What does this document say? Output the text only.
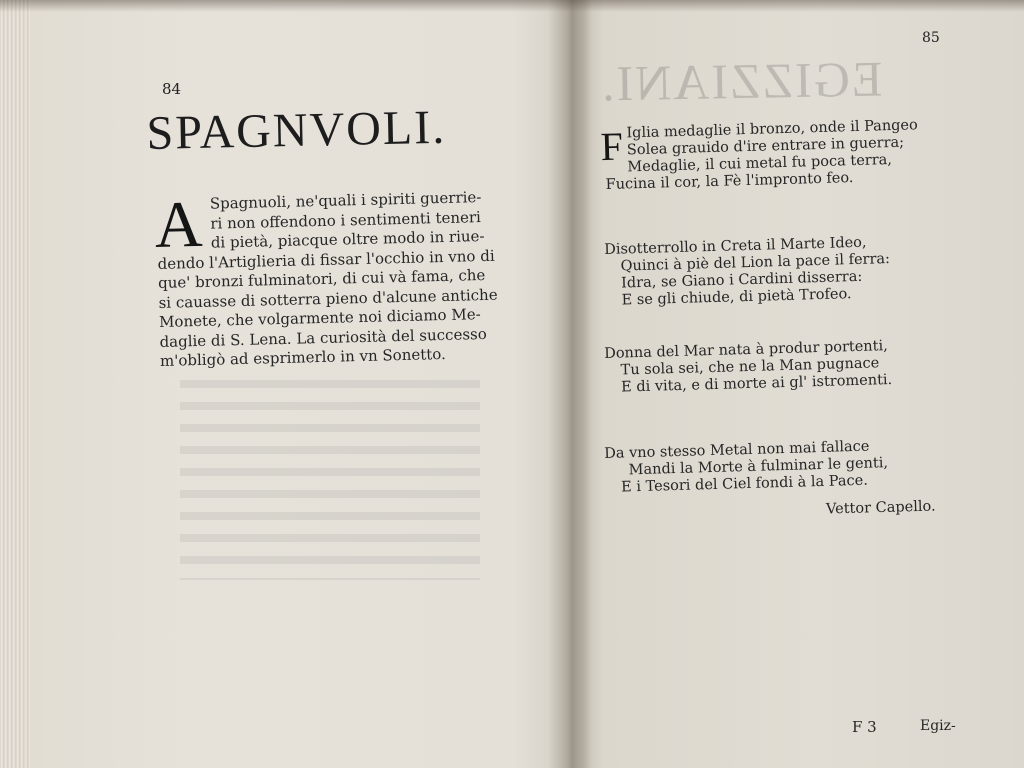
84
SPAGNVOLI.
A Spagnuoli, ne'quali i spiriti guerrie-
ri non offendono i sentimenti teneri
di pietà, piacque oltre modo in riue-
dendo l'Artiglieria di fissar l'occhio in vno di
que' bronzi fulminatori, di cui và fama, che
si cauasse di sotterra pieno d'alcune antiche
Monete, che volgarmente noi diciamo Me-
daglie di S. Lena. La curiosità del successo
m'obligò ad esprimerlo in vn Sonetto.

85
EGIZZIANI.
F Iglia medaglie il bronzo, onde il Pangeo
Solea grauido d'ire entrare in guerra;
Medaglie, il cui metal fu poca terra,
Fucina il cor, la Fè l'impronto feo.
Disotterrollo in Creta il Marte Ideo,
Quinci à piè del Lion la pace il ferra:
Idra, se Giano i Cardini disserra:
E se gli chiude, di pietà Trofeo.
Donna del Mar nata à produr portenti,
Tu sola sei, che ne la Man pugnace
E di vita, e di morte ai gl' istromenti.
Da vno stesso Metal non mai fallace
Mandi la Morte à fulminar le genti,
E i Tesori del Ciel fondi à la Pace.
Vettor Capello.
F 3	Egiz-
